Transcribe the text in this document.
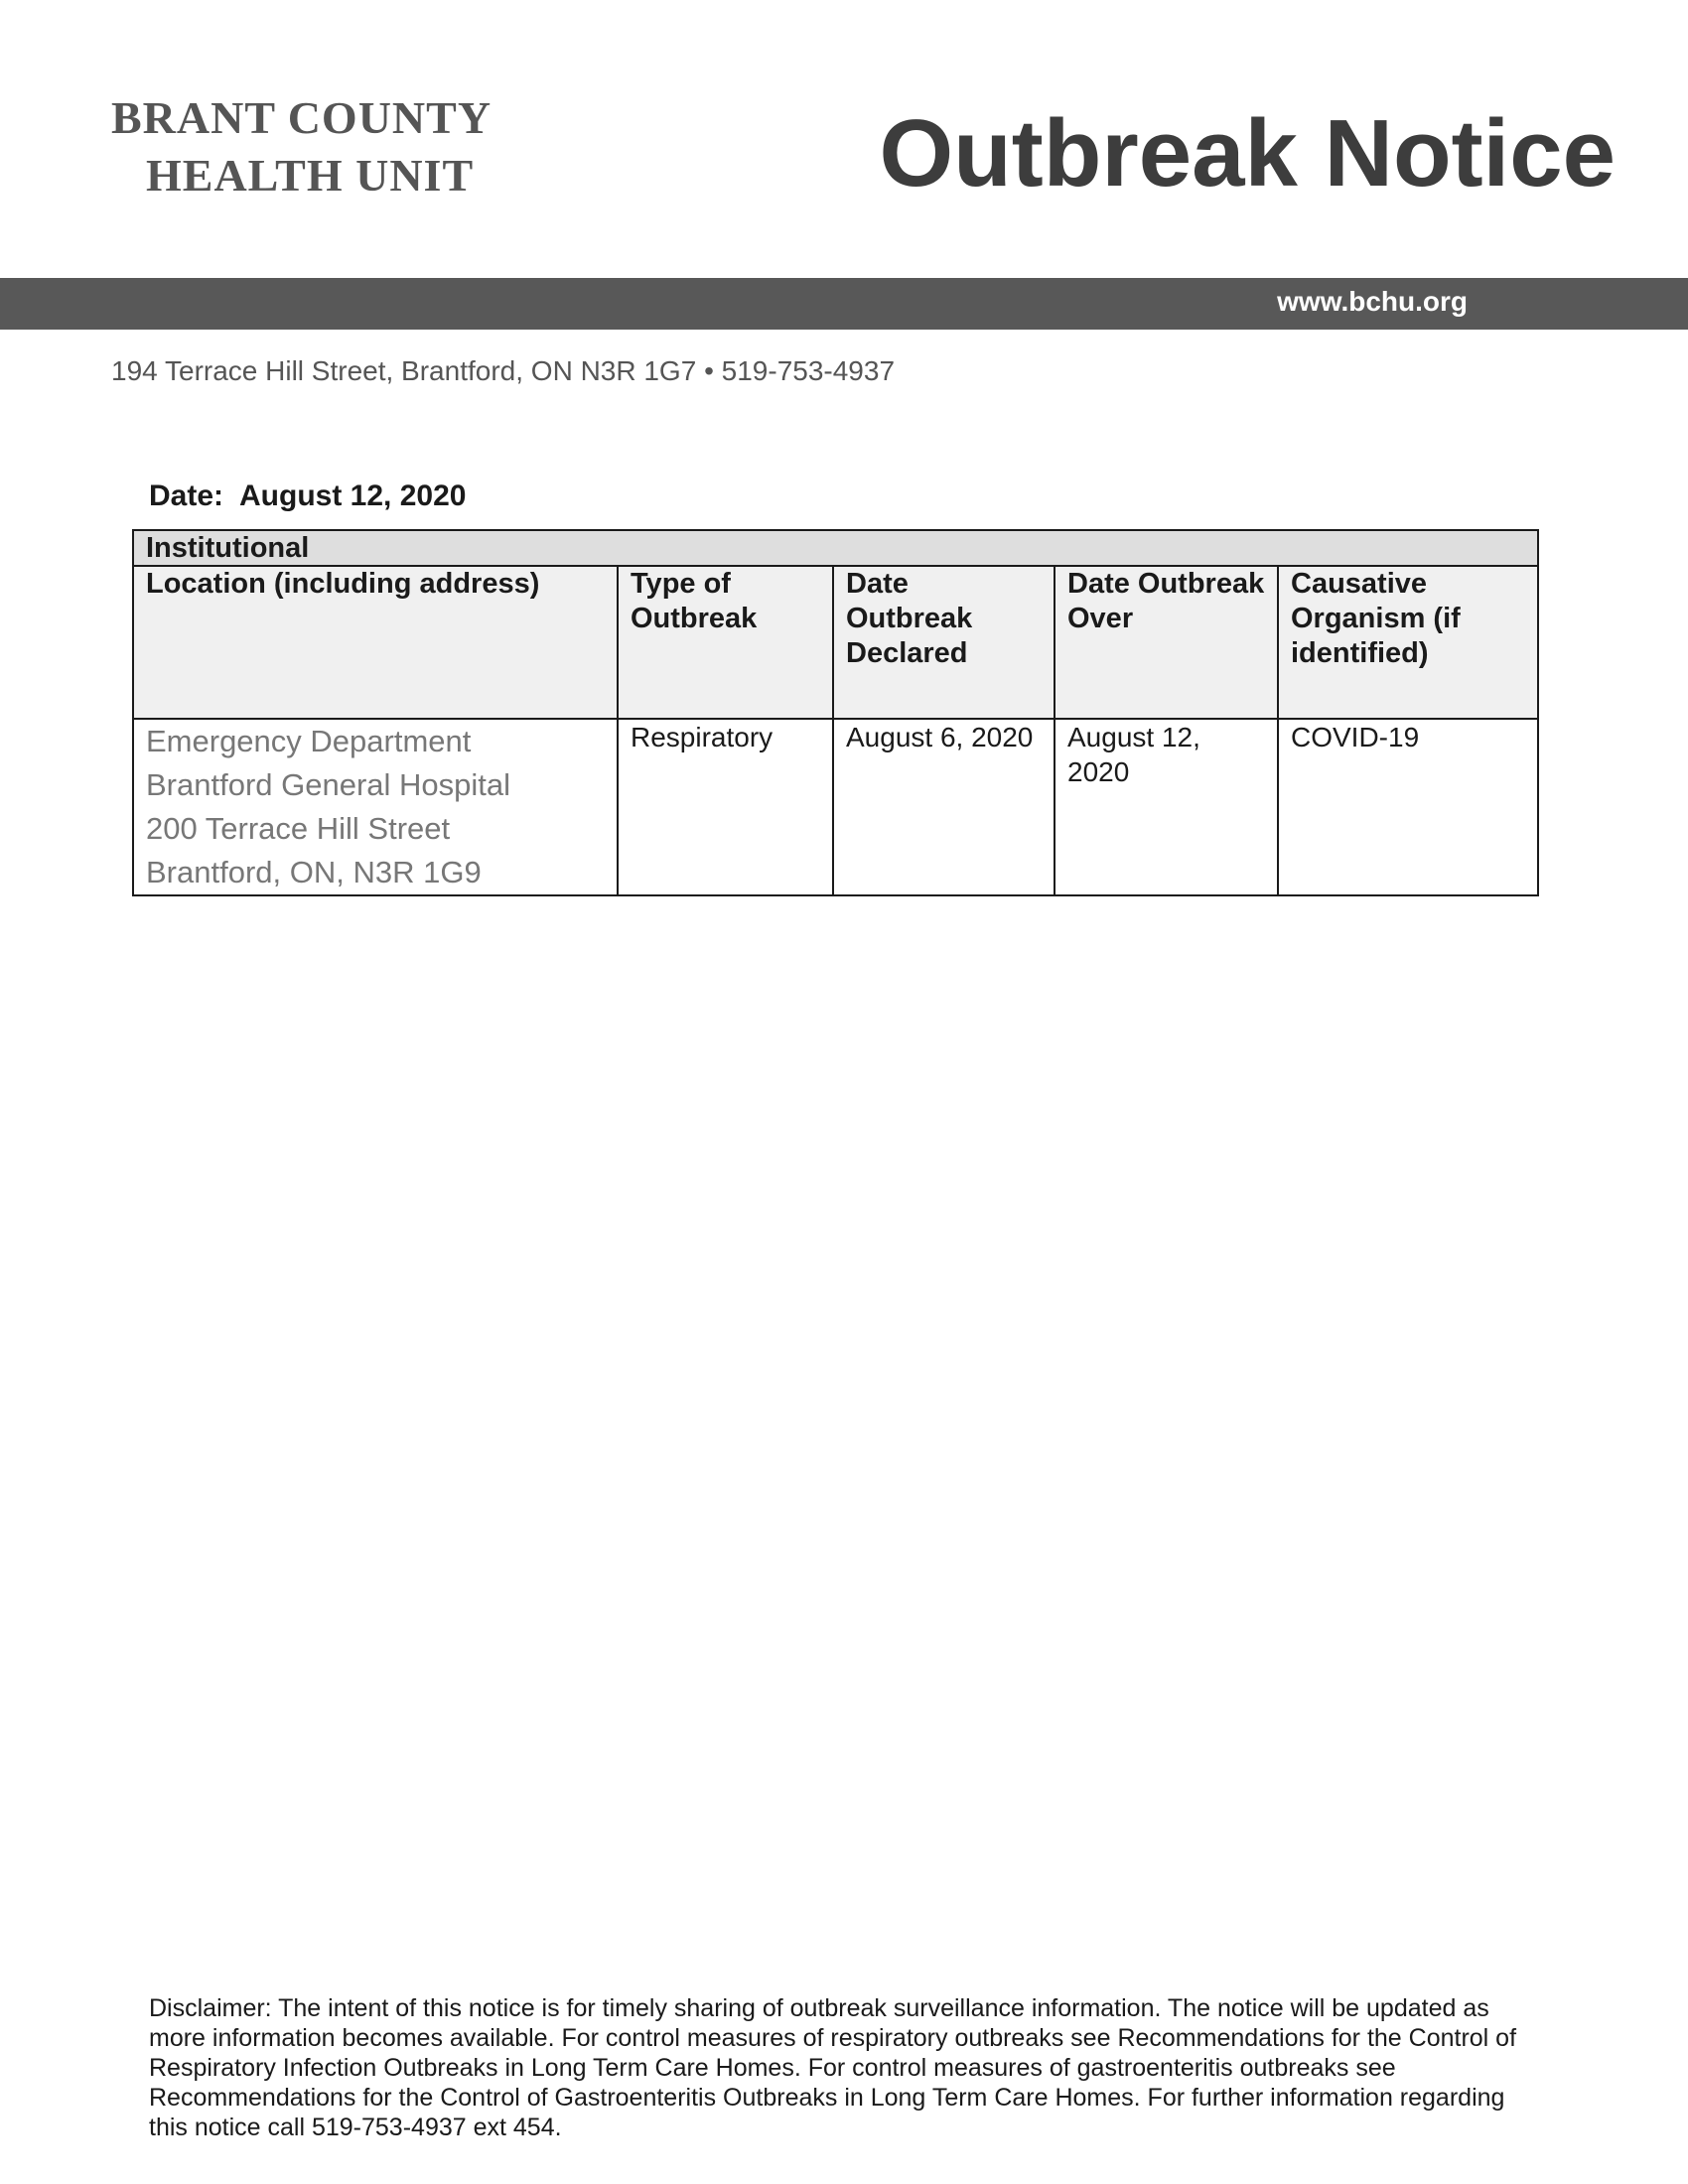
BRANT COUNTY
HEALTH UNIT	Outbreak Notice
www.bchu.org
194 Terrace Hill Street, Brantford, ON N3R 1G7 • 519-753-4937
Date: August 12, 2020
Institutional				
Location (including address)	Type of Outbreak	Date Outbreak Declared	Date Outbreak Over	Causative Organism (if identified)

Emergency Department
Brantford General Hospital
200 Terrace Hill Street
Brantford, ON, N3R 1G9	Respiratory	August 6, 2020	August 12, 2020	COVID-19
Disclaimer: The intent of this notice is for timely sharing of outbreak surveillance information. The notice will be updated as more information becomes available. For control measures of respiratory outbreaks see Recommendations for the Control of Respiratory Infection Outbreaks in Long Term Care Homes. For control measures of gastroenteritis outbreaks see Recommendations for the Control of Gastroenteritis Outbreaks in Long Term Care Homes. For further information regarding this notice call 519-753-4937 ext 454.
